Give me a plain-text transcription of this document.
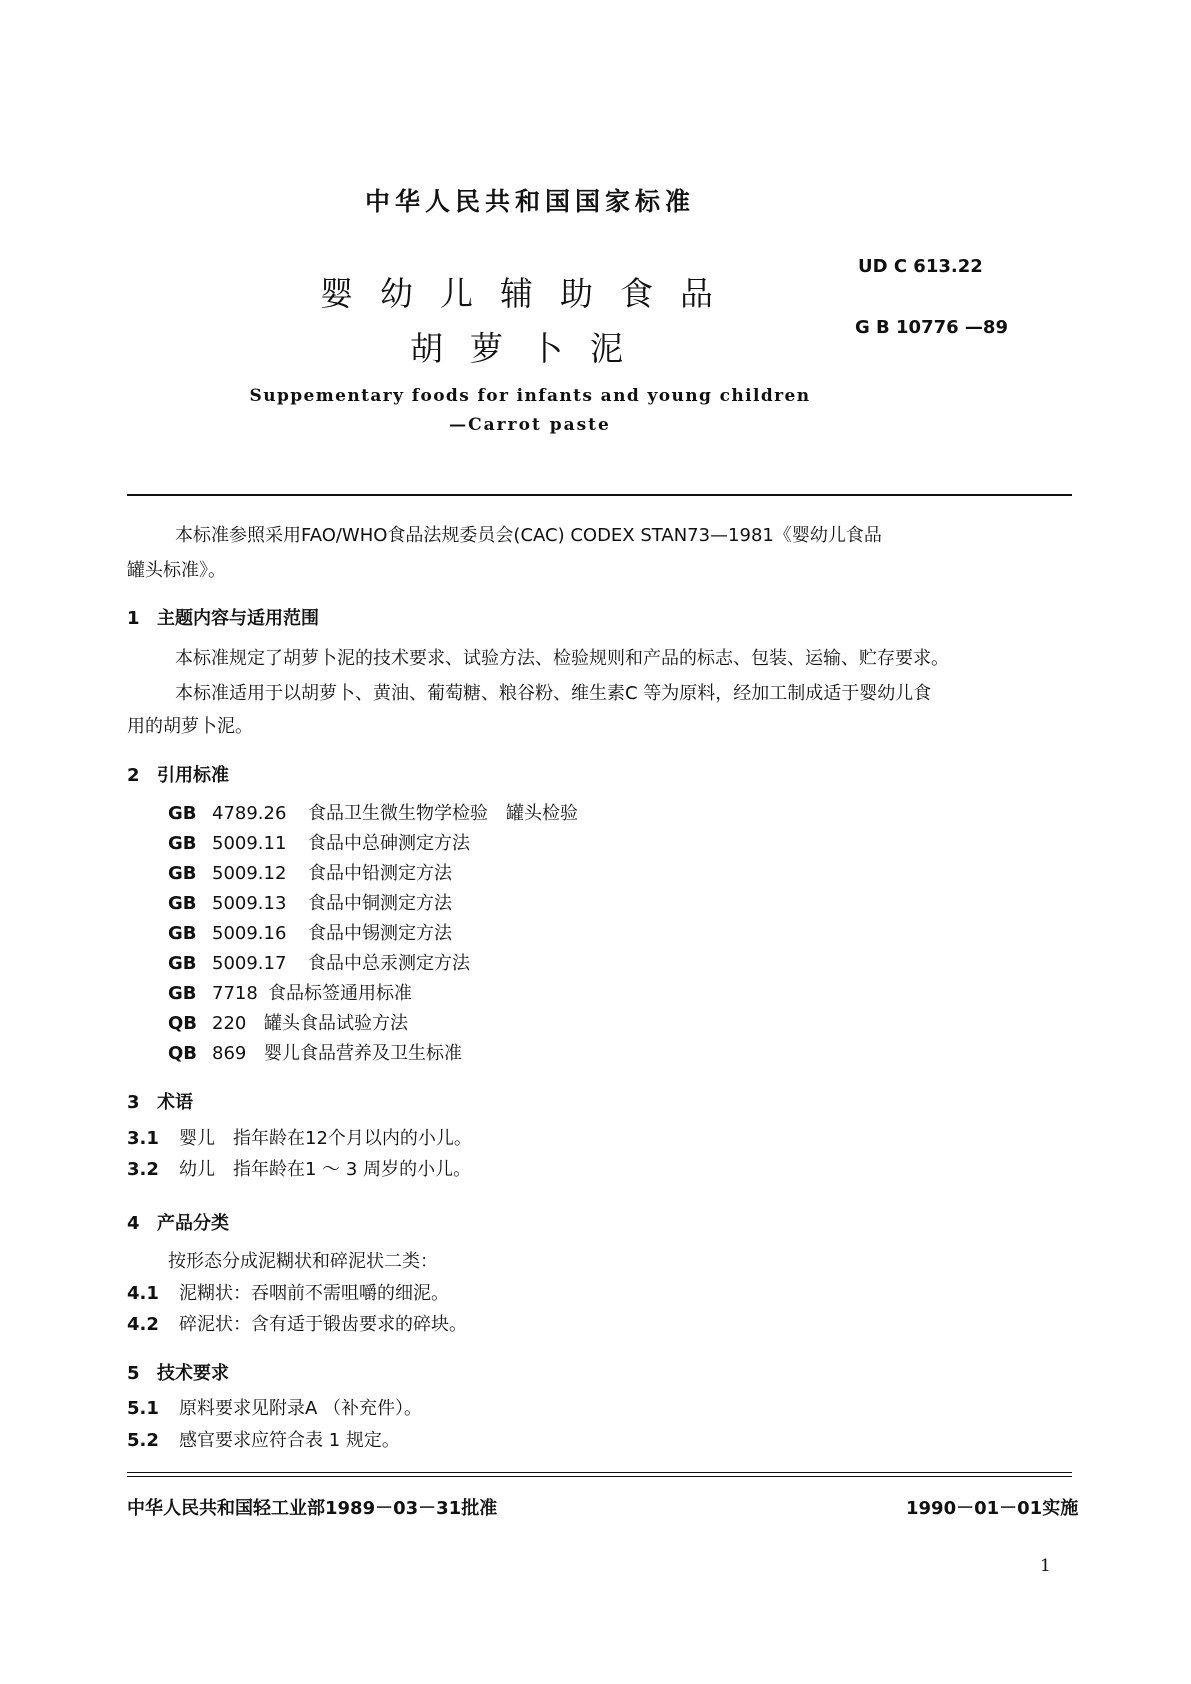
中华人民共和国国家标准
婴幼儿辅助食品
胡萝卜泥
UD C 613.22
G B 10776 —89
Suppementary foods for infants and young children
—Carrot paste
本标准参照采用FAO/WHO食品法规委员会(CAC) CODEX STAN73—1981《婴幼儿食品
罐头标准》。
1 主题内容与适用范围
本标准规定了胡萝卜泥的技术要求、试验方法、检验规则和产品的标志、包装、运输、贮存要求。
本标准适用于以胡萝卜、黄油、葡萄糖、粮谷粉、维生素C 等为原料，经加工制成适于婴幼儿食
用的胡萝卜泥。
2 引用标准
GB 4789.26 食品卫生微生物学检验　罐头检验
GB 5009.11 食品中总砷测定方法
GB 5009.12 食品中铅测定方法
GB 5009.13 食品中铜测定方法
GB 5009.16 食品中锡测定方法
GB 5009.17 食品中总汞测定方法
GB 7718 食品标签通用标准
QB 220 罐头食品试验方法
QB 869 婴儿食品营养及卫生标准
3 术语
3.1 婴儿　指年龄在12个月以内的小儿。
3.2 幼儿　指年龄在1 ～ 3 周岁的小儿。
4 产品分类
按形态分成泥糊状和碎泥状二类：
4.1 泥糊状：吞咽前不需咀嚼的细泥。
4.2 碎泥状：含有适于锻齿要求的碎块。
5 技术要求
5.1 原料要求见附录A （补充件）。
5.2 感官要求应符合表 1 规定。
中华人民共和国轻工业部1989－03－31批准	1990－01－01实施
1
